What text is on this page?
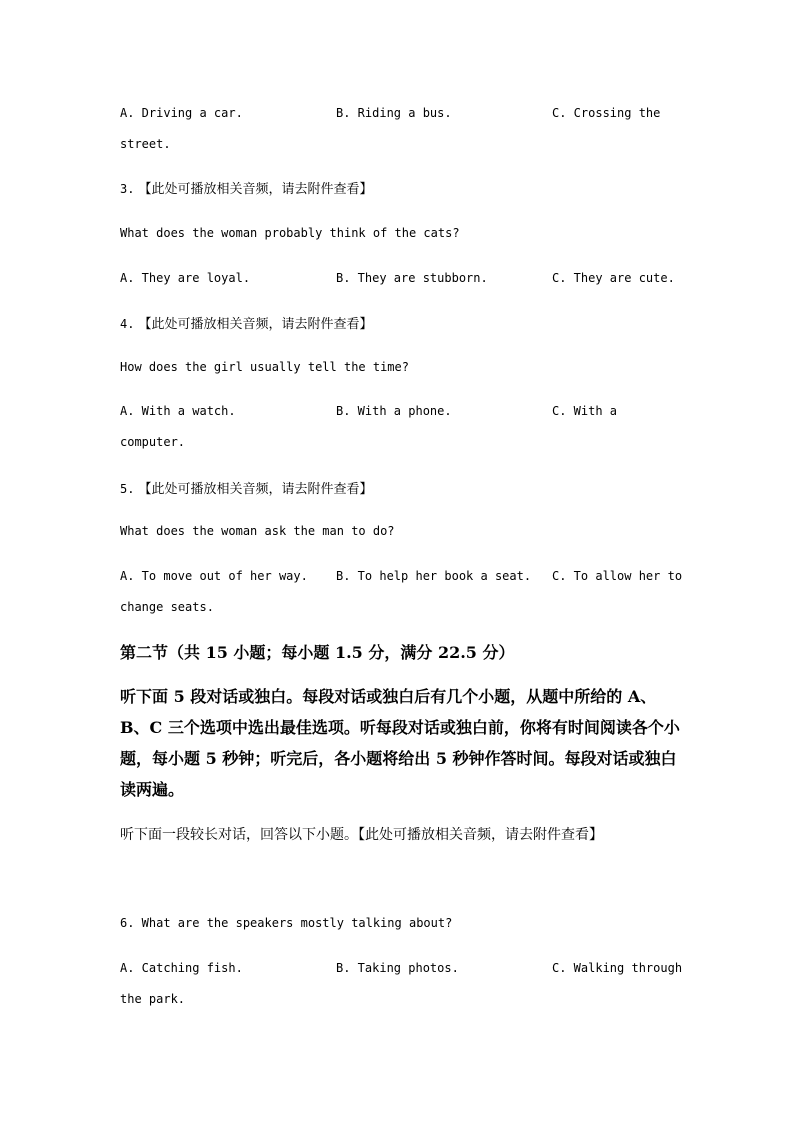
A. Driving a car.	B. Riding a bus.	C. Crossing the
street.
3. 【此处可播放相关音频，请去附件查看】
What does the woman probably think of the cats?
A. They are loyal.	B. They are stubborn.	C. They are cute.
4. 【此处可播放相关音频，请去附件查看】
How does the girl usually tell the time?
A. With a watch.	B. With a phone.	C. With a
computer.
5. 【此处可播放相关音频，请去附件查看】
What does the woman ask the man to do?
A. To move out of her way. B. To help her book a seat. C. To allow her to
change seats.
第二节（共 15 小题；每小题 1.5 分，满分 22.5 分）
听下面 5 段对话或独白。每段对话或独白后有几个小题，从题中所给的 A、B、C 三个选项中选出最佳选项。听每段对话或独白前，你将有时间阅读各个小题，每小题 5 秒钟；听完后，各小题将给出 5 秒钟作答时间。每段对话或独白读两遍。
听下面一段较长对话，回答以下小题。【此处可播放相关音频，请去附件查看】
6. What are the speakers mostly talking about?
A. Catching fish.	B. Taking photos.	C. Walking through
the park.
